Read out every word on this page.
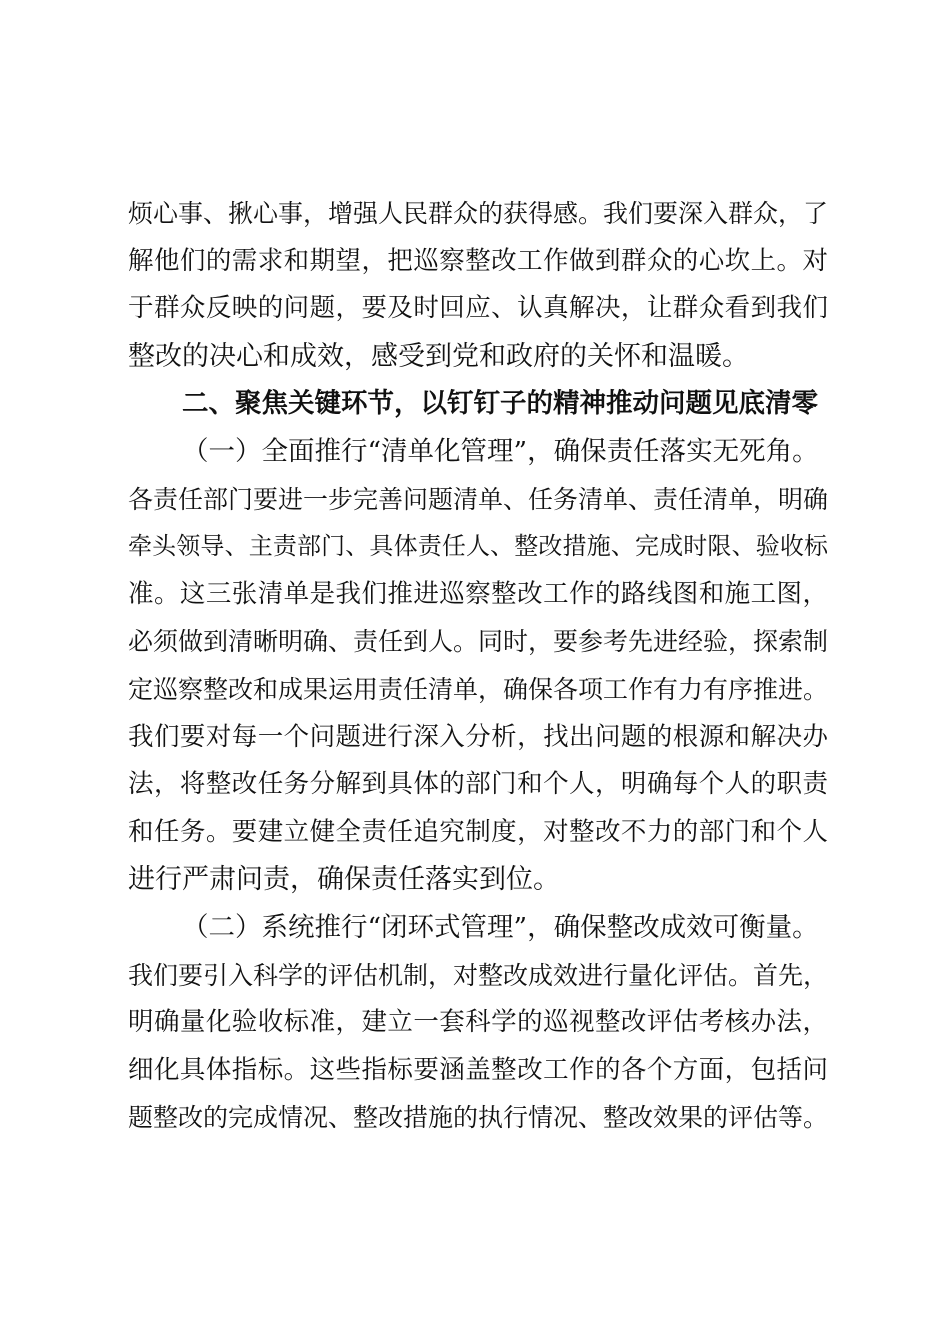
烦心事、揪心事，增强人民群众的获得感。我们要深入群众，了
解他们的需求和期望，把巡察整改工作做到群众的心坎上。对
于群众反映的问题，要及时回应、认真解决，让群众看到我们
整改的决心和成效，感受到党和政府的关怀和温暖。
二、聚焦关键环节，以钉钉子的精神推动问题见底清零
（一）全面推行“清单化管理”，确保责任落实无死角。
各责任部门要进一步完善问题清单、任务清单、责任清单，明确
牵头领导、主责部门、具体责任人、整改措施、完成时限、验收标
准。这三张清单是我们推进巡察整改工作的路线图和施工图，
必须做到清晰明确、责任到人。同时，要参考先进经验，探索制
定巡察整改和成果运用责任清单，确保各项工作有力有序推进。
我们要对每一个问题进行深入分析，找出问题的根源和解决办
法，将整改任务分解到具体的部门和个人，明确每个人的职责
和任务。要建立健全责任追究制度，对整改不力的部门和个人
进行严肃问责，确保责任落实到位。
（二）系统推行“闭环式管理”，确保整改成效可衡量。
我们要引入科学的评估机制，对整改成效进行量化评估。首先，
明确量化验收标准，建立一套科学的巡视整改评估考核办法，
细化具体指标。这些指标要涵盖整改工作的各个方面，包括问
题整改的完成情况、整改措施的执行情况、整改效果的评估等。
